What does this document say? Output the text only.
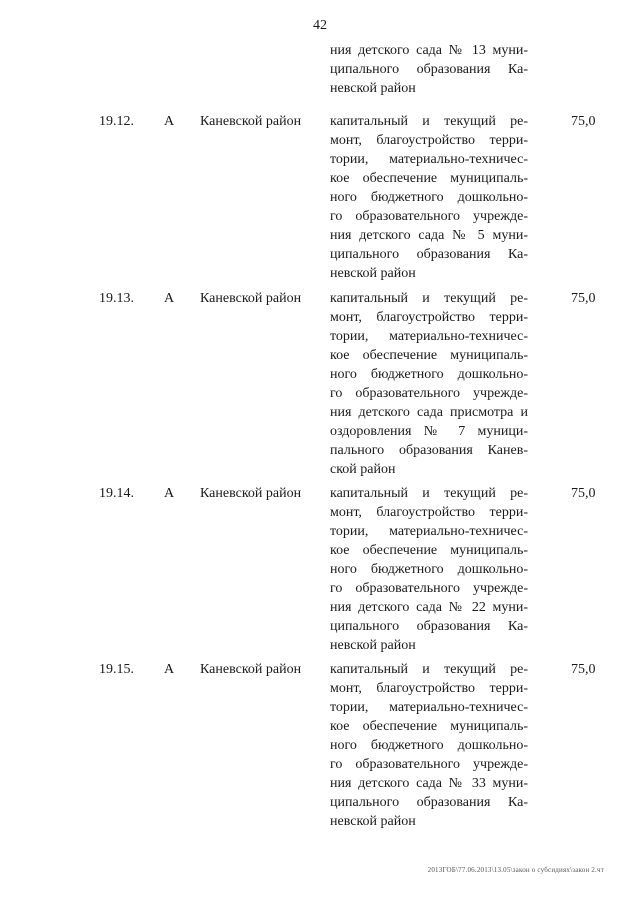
42
ния детского сада № 13 муни-
ципального образования Ка-
невской район
19.12. А Каневской район капитальный и текущий ре-
монт, благоустройство терри-
тории, материально-техничес-
кое обеспечение муниципаль-
ного бюджетного дошкольно-
го образовательного учрежде-
ния детского сада № 5 муни-
ципального образования Ка-
невской район
75,0
19.13. А Каневской район капитальный и текущий ре-
монт, благоустройство терри-
тории, материально-техничес-
кое обеспечение муниципаль-
ного бюджетного дошкольно-
го образовательного учрежде-
ния детского сада присмотра и
оздоровления № 7 муници-
пального образования Канев-
ской район
75,0
19.14. А Каневской район капитальный и текущий ре-
монт, благоустройство терри-
тории, материально-техничес-
кое обеспечение муниципаль-
ного бюджетного дошкольно-
го образовательного учрежде-
ния детского сада № 22 муни-
ципального образования Ка-
невской район
75,0
19.15. А Каневской район капитальный и текущий ре-
монт, благоустройство терри-
тории, материально-техничес-
кое обеспечение муниципаль-
ного бюджетного дошкольно-
го образовательного учрежде-
ния детского сада № 33 муни-
ципального образования Ка-
невской район
75,0
2013ГОБ\77.06.2013\13.05\закон о субсидиях\закон 2.чт
